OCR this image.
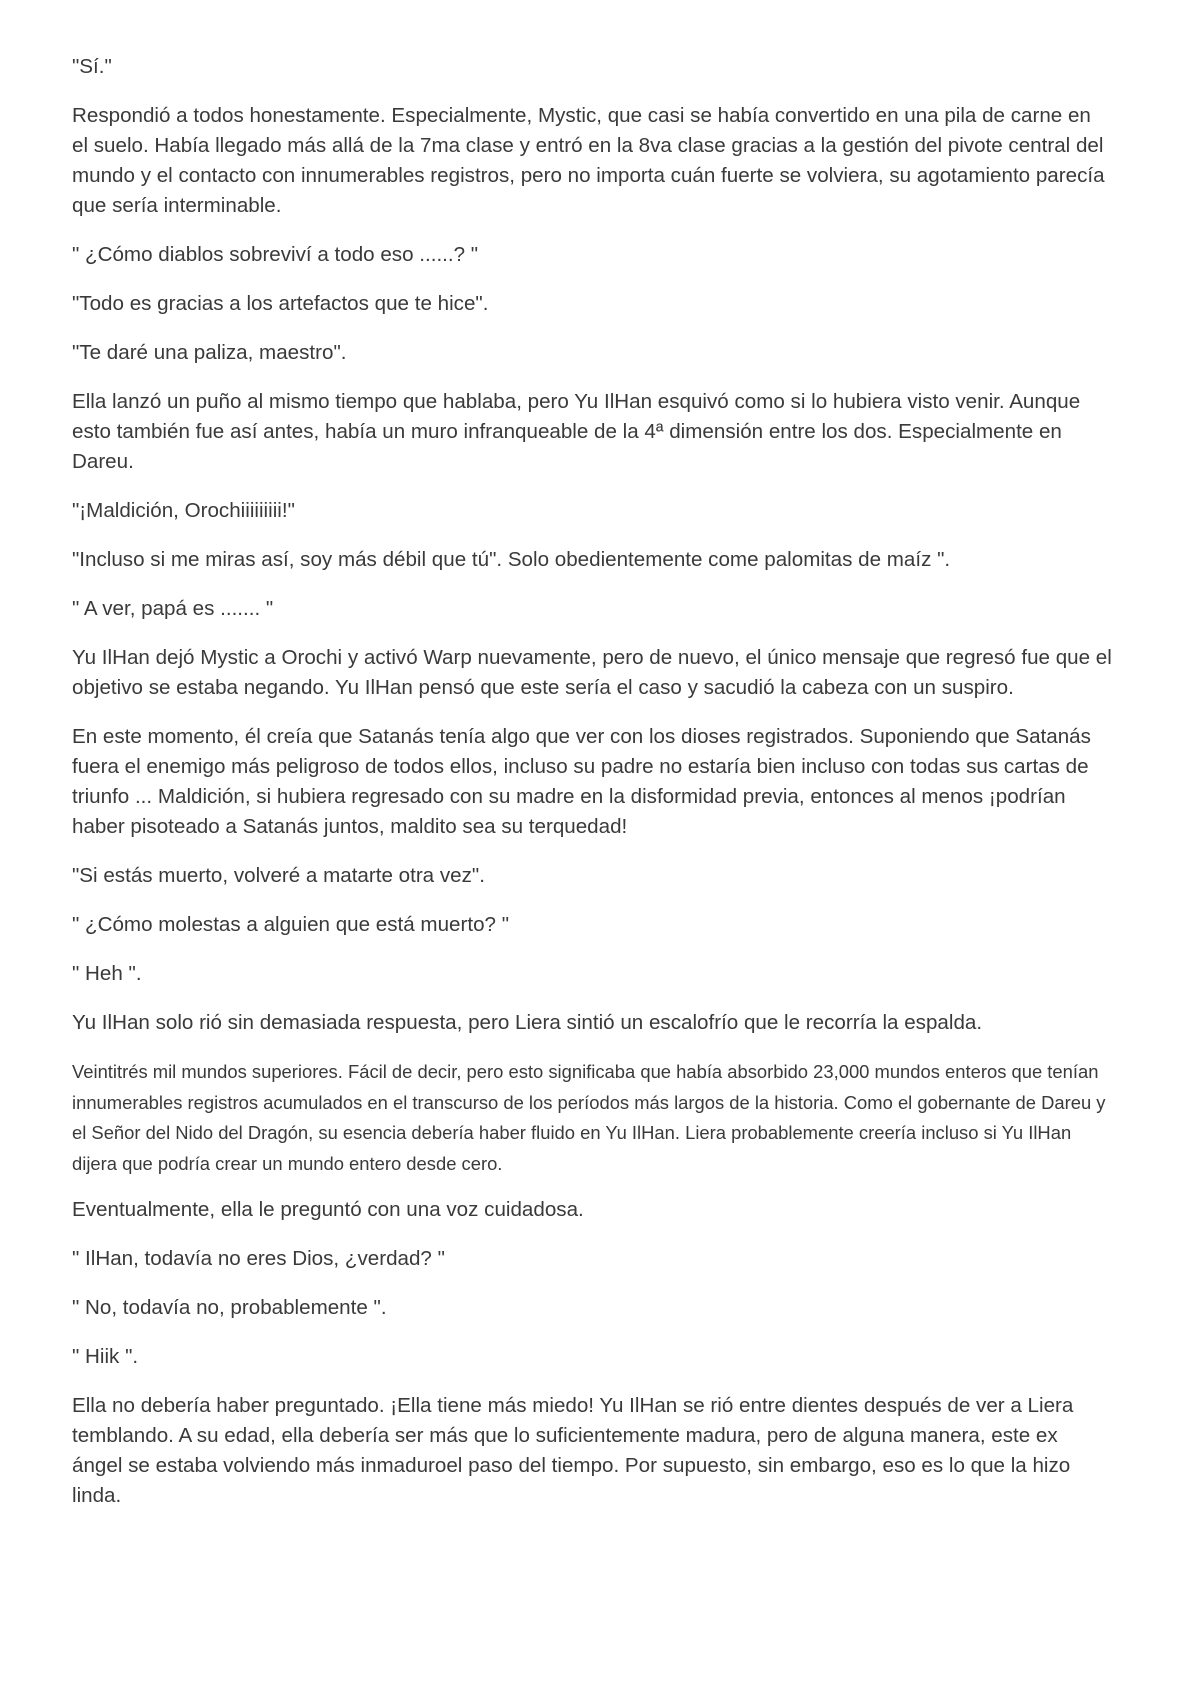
"Sí."

Respondió a todos honestamente. Especialmente, Mystic, que casi se había convertido en una pila de carne en el suelo. Había llegado más allá de la 7ma clase y entró en la 8va clase gracias a la gestión del pivote central del mundo y el contacto con innumerables registros, pero no importa cuán fuerte se volviera, su agotamiento parecía que sería interminable.

" ¿Cómo diablos sobreviví a todo eso ......? "

"Todo es gracias a los artefactos que te hice".

"Te daré una paliza, maestro".

Ella lanzó un puño al mismo tiempo que hablaba, pero Yu IlHan esquivó como si lo hubiera visto venir. Aunque esto también fue así antes, había un muro infranqueable de la 4ª dimensión entre los dos. Especialmente en Dareu.

"¡Maldición, Orochiiiiiiiii!"

"Incluso si me miras así, soy más débil que tú". Solo obedientemente come palomitas de maíz ".

" A ver, papá es ....... "

Yu IlHan dejó Mystic a Orochi y activó Warp nuevamente, pero de nuevo, el único mensaje que regresó fue que el objetivo se estaba negando. Yu IlHan pensó que este sería el caso y sacudió la cabeza con un suspiro.

En este momento, él creía que Satanás tenía algo que ver con los dioses registrados. Suponiendo que Satanás fuera el enemigo más peligroso de todos ellos, incluso su padre no estaría bien incluso con todas sus cartas de triunfo ... Maldición, si hubiera regresado con su madre en la disformidad previa, entonces al menos ¡podrían haber pisoteado a Satanás juntos, maldito sea su terquedad!

"Si estás muerto, volveré a matarte otra vez".

" ¿Cómo molestas a alguien que está muerto? "

" Heh ".

Yu IlHan solo rió sin demasiada respuesta, pero Liera sintió un escalofrío que le recorría la espalda.

Veintitrés mil mundos superiores. Fácil de decir, pero esto significaba que había absorbido 23,000 mundos enteros que tenían innumerables registros acumulados en el transcurso de los períodos más largos de la historia. Como el gobernante de Dareu y el Señor del Nido del Dragón, su esencia debería haber fluido en Yu IlHan. Liera probablemente creería incluso si Yu IlHan dijera que podría crear un mundo entero desde cero.

Eventualmente, ella le preguntó con una voz cuidadosa.

" IlHan, todavía no eres Dios, ¿verdad? "

" No, todavía no, probablemente ".

" Hiik ".

Ella no debería haber preguntado. ¡Ella tiene más miedo! Yu IlHan se rió entre dientes después de ver a Liera temblando. A su edad, ella debería ser más que lo suficientemente madura, pero de alguna manera, este ex ángel se estaba volviendo más inmaduroel paso del tiempo. Por supuesto, sin embargo, eso es lo que la hizo linda.
